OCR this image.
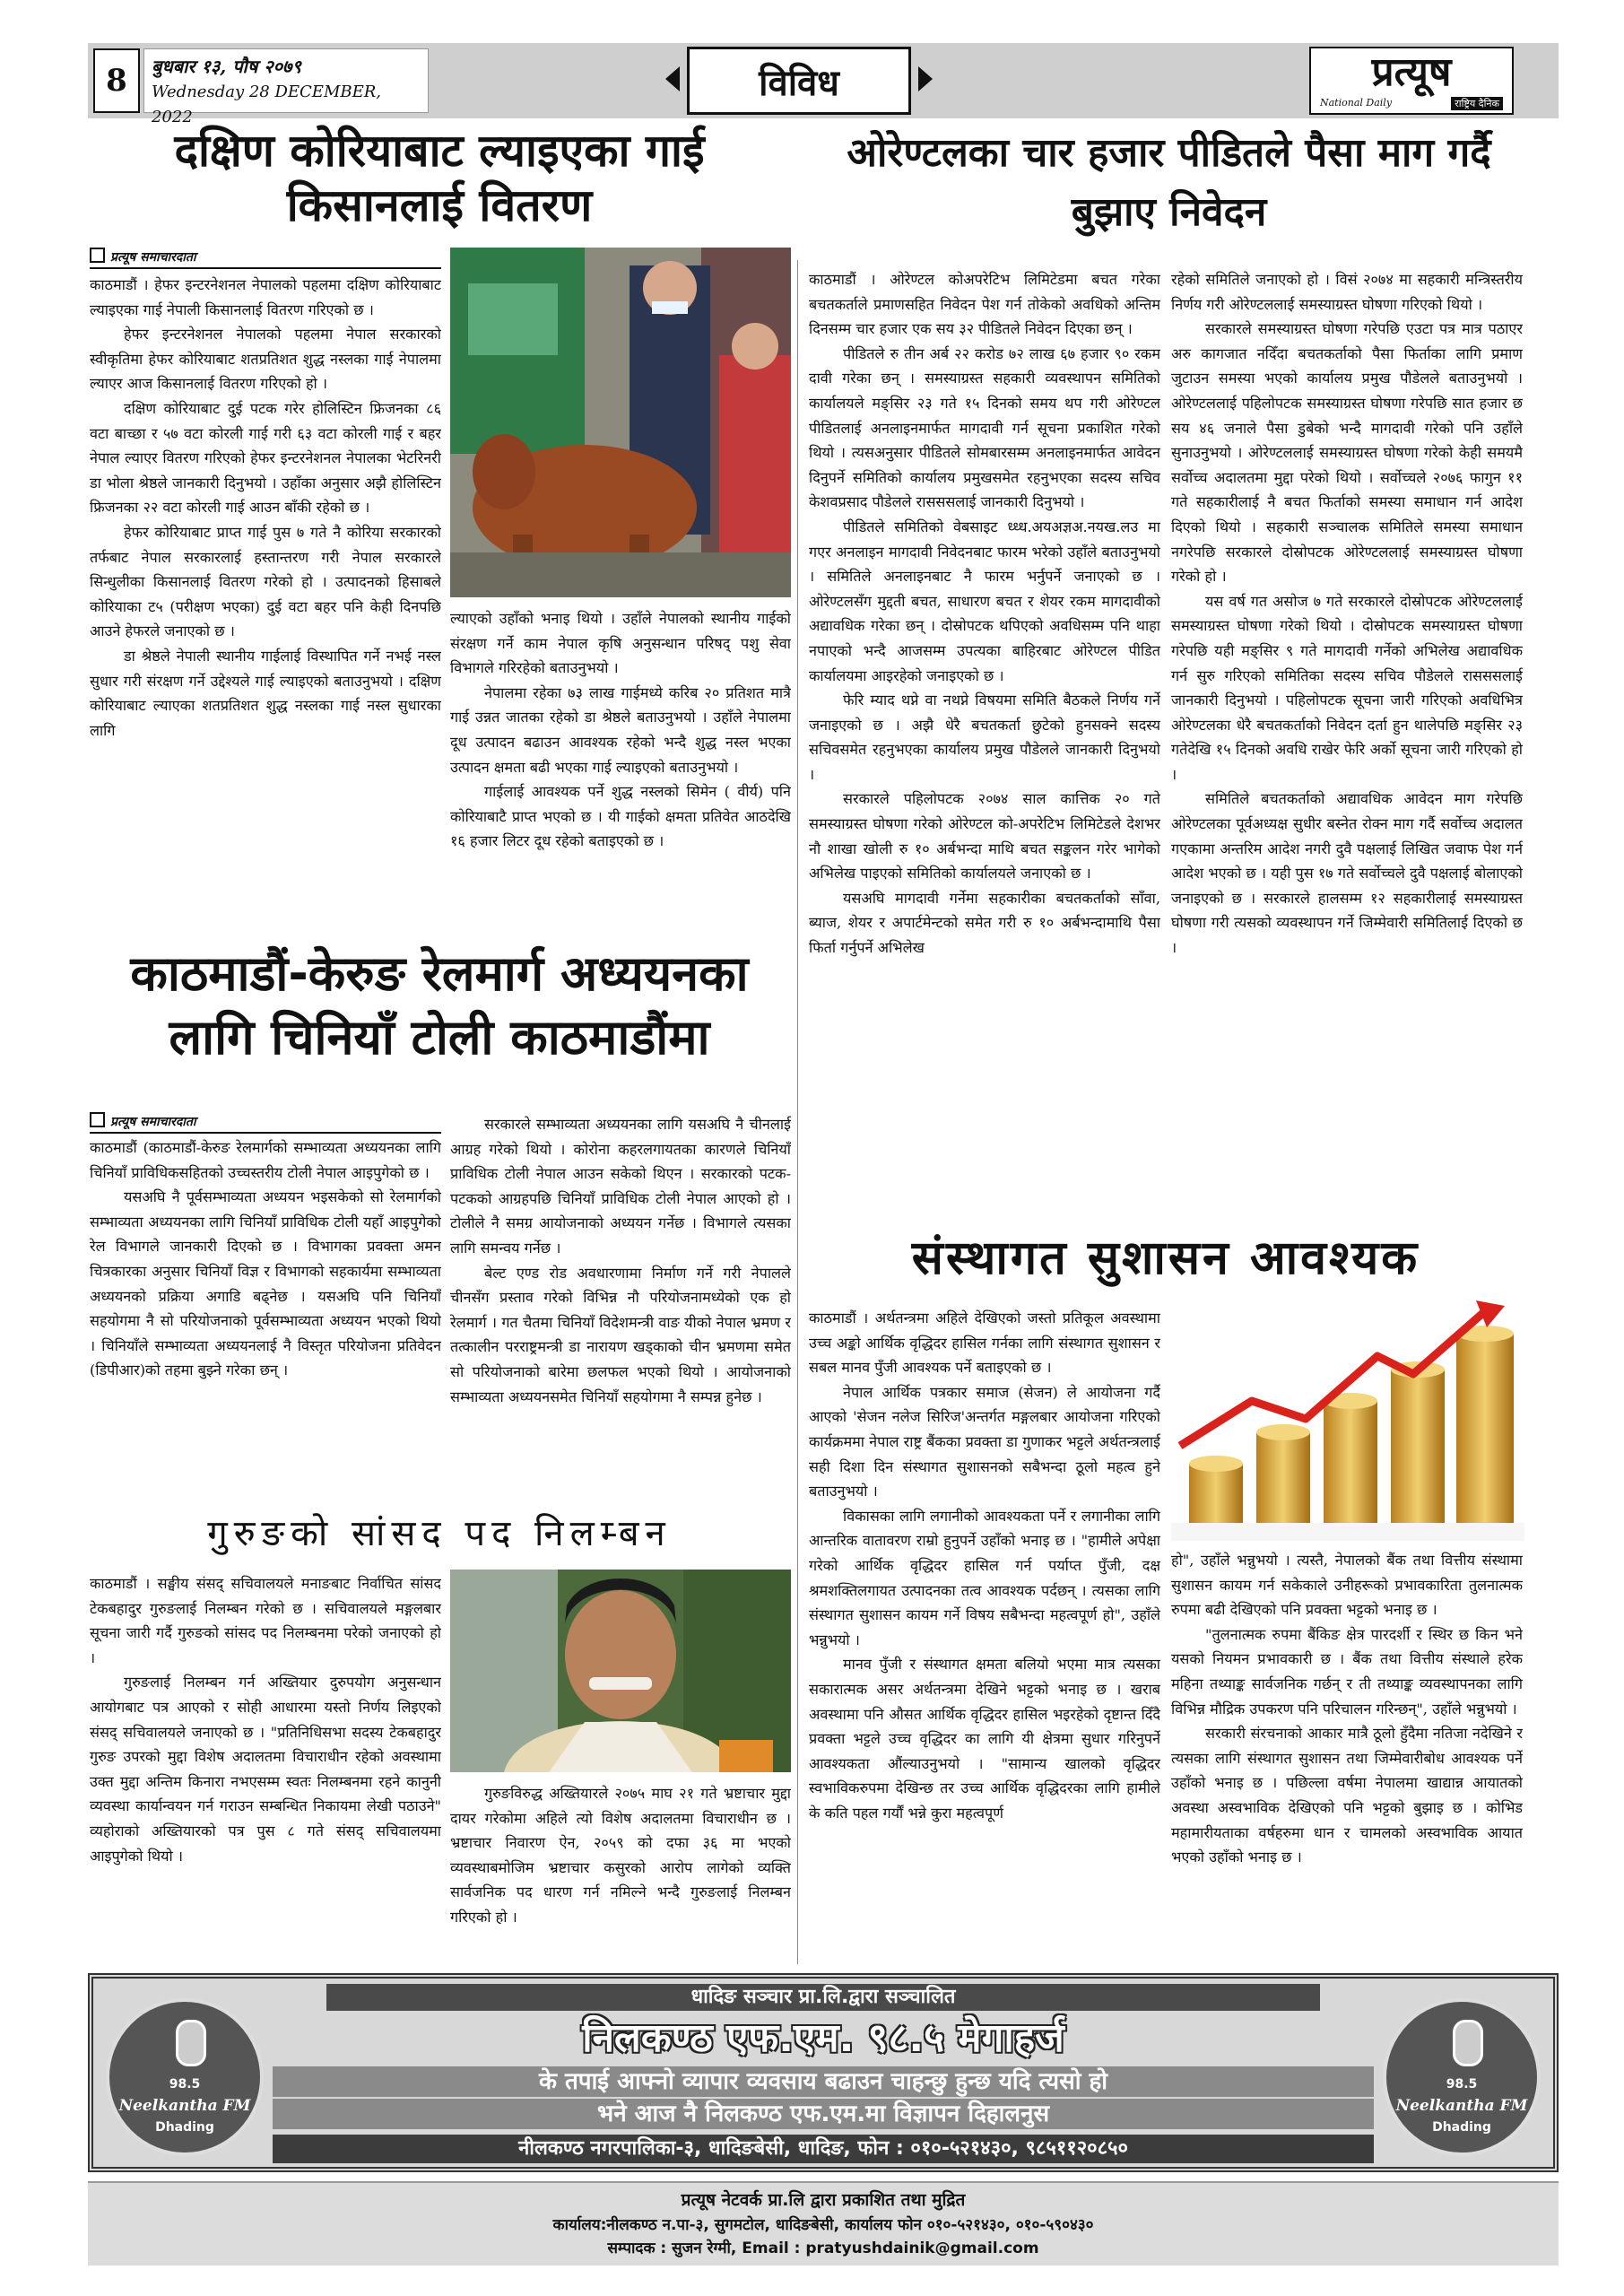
8 बुधबार १३, पौष २०७९
Wednesday 28 DECEMBER, 2022
विविध	प्रत्यूष
National Daily	राष्ट्रिय दैनिक
दक्षिण कोरियाबाट ल्याइएका गाई
किसानलाई वितरण
प्रत्यूष समाचारदाता

काठमाडौं । हेफर इन्टरनेशनल नेपालको पहलमा दक्षिण कोरियाबाट ल्याइएका गाई नेपाली किसानलाई वितरण गरिएको छ ।

हेफर इन्टरनेशनल नेपालको पहलमा नेपाल सरकारको स्वीकृतिमा हेफर कोरियाबाट शतप्रतिशत शुद्ध नस्लका गाई नेपालमा ल्याएर आज किसानलाई वितरण गरिएको हो ।

दक्षिण कोरियाबाट दुई पटक गरेर होलिस्टिन फ्रिजनका ८६ वटा बाच्छा र ५७ वटा कोरली गाई गरी ६३ वटा कोरली गाई र बहर नेपाल ल्याएर वितरण गरिएको हेफर इन्टरनेशनल नेपालका भेटरिनरी डा भोला श्रेष्ठले जानकारी दिनुभयो । उहाँका अनुसार अझै होलिस्टिन फ्रिजनका २२ वटा कोरली गाई आउन बाँकी रहेको छ ।

हेफर कोरियाबाट प्राप्त गाई पुस ७ गते नै कोरिया सरकारको तर्फबाट नेपाल सरकारलाई हस्तान्तरण गरी नेपाल सरकारले सिन्धुलीका किसानलाई वितरण गरेको हो । उत्पादनको हिसाबले कोरियाका ट५ (परीक्षण भएका) दुई वटा बहर पनि केही दिनपछि आउने हेफरले जनाएको छ ।

डा श्रेष्ठले नेपाली स्थानीय गाईलाई विस्थापित गर्ने नभई नस्ल सुधार गरी संरक्षण गर्ने उद्देश्यले गाई ल्याइएको बताउनुभयो । दक्षिण कोरियाबाट ल्याएका शतप्रतिशत शुद्ध नस्लका गाई नस्ल सुधारका लागि

ल्याएको उहाँको भनाइ थियो । उहाँले नेपालको स्थानीय गाईको संरक्षण गर्ने काम नेपाल कृषि अनुसन्धान परिषद् पशु सेवा विभागले गरिरहेको बताउनुभयो ।

नेपालमा रहेका ७३ लाख गाईमध्ये करिब २० प्रतिशत मात्रै गाई उन्नत जातका रहेको डा श्रेष्ठले बताउनुभयो । उहाँले नेपालमा दूध उत्पादन बढाउन आवश्यक रहेको भन्दै शुद्ध नस्ल भएका उत्पादन क्षमता बढी भएका गाई ल्याइएको बताउनुभयो ।

गाईलाई आवश्यक पर्ने शुद्ध नस्लको सिमेन ( वीर्य) पनि कोरियाबाटै प्राप्त भएको छ । यी गाईको क्षमता प्रतिवेत आठदेखि १६ हजार लिटर दूध रहेको बताइएको छ ।

ओरेण्टलका चार हजार पीडितले पैसा माग गर्दै
बुझाए निवेदन

काठमाडौं । ओरेण्टल कोअपरेटिभ लिमिटेडमा बचत गरेका बचतकर्ताले प्रमाणसहित निवेदन पेश गर्न तोकेको अवधिको अन्तिम दिनसम्म चार हजार एक सय ३२ पीडितले निवेदन दिएका छन् ।

पीडितले रु तीन अर्ब २२ करोड ७२ लाख ६७ हजार ९० रकम दावी गरेका छन् । समस्याग्रस्त सहकारी व्यवस्थापन समितिको कार्यालयले मङ्सिर २३ गते १५ दिनको समय थप गरी ओरेण्टल पीडितलाई अनलाइनमार्फत मागदावी गर्न सूचना प्रकाशित गरेको थियो । त्यसअनुसार पीडितले सोमबारसम्म अनलाइनमार्फत आवेदन दिनुपर्ने समितिको कार्यालय प्रमुखसमेत रहनुभएका सदस्य सचिव केशवप्रसाद पौडेलले रासससलाई जानकारी दिनुभयो ।

पीडितले समितिको वेबसाइट ध्ध्ध.अयअज्ञअ.नयख.लउ मा गएर अनलाइन मागदावी निवेदनबाट फारम भरेको उहाँले बताउनुभयो । समितिले अनलाइनबाट नै फारम भर्नुपर्ने जनाएको छ । ओरेण्टलसँग मुद्दती बचत, साधारण बचत र शेयर रकम मागदावीको अद्यावधिक गरेका छन् । दोस्रोपटक थपिएको अवधिसम्म पनि थाहा नपाएको भन्दै आजसम्म उपत्यका बाहिरबाट ओरेण्टल पीडित कार्यालयमा आइरहेको जनाइएको छ ।

फेरि म्याद थप्ने वा नथप्ने विषयमा समिति बैठकले निर्णय गर्ने जनाइएको छ । अझै धेरै बचतकर्ता छुटेको हुनसक्ने सदस्य सचिवसमेत रहनुभएका कार्यालय प्रमुख पौडेलले जानकारी दिनुभयो ।

सरकारले पहिलोपटक २०७४ साल कात्तिक २० गते समस्याग्रस्त घोषणा गरेको ओरेण्टल को-अपरेटिभ लिमिटेडले देशभर नौ शाखा खोली रु १० अर्बभन्दा माथि बचत सङ्कलन गरेर भागेको अभिलेख पाइएको समितिको कार्यालयले जनाएको छ ।

यसअघि मागदावी गर्नेमा सहकारीका बचतकर्ताको साँवा, ब्याज, शेयर र अपार्टमेन्टको समेत गरी रु १० अर्बभन्दामाथि पैसा फिर्ता गर्नुपर्ने अभिलेख

रहेको समितिले जनाएको हो । विसं २०७४ मा सहकारी मन्त्रिस्तरीय निर्णय गरी ओरेण्टललाई समस्याग्रस्त घोषणा गरिएको थियो ।

सरकारले समस्याग्रस्त घोषणा गरेपछि एउटा पत्र मात्र पठाएर अरु कागजात नदिँदा बचतकर्ताको पैसा फिर्ताका लागि प्रमाण जुटाउन समस्या भएको कार्यालय प्रमुख पौडेलले बताउनुभयो । ओरेण्टललाई पहिलोपटक समस्याग्रस्त घोषणा गरेपछि सात हजार छ सय ४६ जनाले पैसा डुबेको भन्दै मागदावी गरेको पनि उहाँले सुनाउनुभयो । ओरेण्टललाई समस्याग्रस्त घोषणा गरेको केही समयमै सर्वोच्च अदालतमा मुद्दा परेको थियो । सर्वोच्चले २०७६ फागुन ११ गते सहकारीलाई नै बचत फिर्ताको समस्या समाधान गर्न आदेश दिएको थियो । सहकारी सञ्चालक समितिले समस्या समाधान नगरेपछि सरकारले दोस्रोपटक ओरेण्टललाई समस्याग्रस्त घोषणा गरेको हो ।

यस वर्ष गत असोज ७ गते सरकारले दोस्रोपटक ओरेण्टललाई समस्याग्रस्त घोषणा गरेको थियो । दोस्रोपटक समस्याग्रस्त घोषणा गरेपछि यही मङ्सिर ९ गते मागदावी गर्नेको अभिलेख अद्यावधिक गर्न सुरु गरिएको समितिका सदस्य सचिव पौडेलले रासससलाई जानकारी दिनुभयो । पहिलोपटक सूचना जारी गरिएको अवधिभित्र ओरेण्टलका धेरै बचतकर्ताको निवेदन दर्ता हुन थालेपछि मङ्सिर २३ गतेदेखि १५ दिनको अवधि राखेर फेरि अर्को सूचना जारी गरिएको हो ।

समितिले बचतकर्ताको अद्यावधिक आवेदन माग गरेपछि ओरेण्टलका पूर्वअध्यक्ष सुधीर बस्नेत रोक्न माग गर्दै सर्वोच्च अदालत गएकामा अन्तरिम आदेश नगरी दुवै पक्षलाई लिखित जवाफ पेश गर्न आदेश भएको छ । यही पुस १७ गते सर्वोच्चले दुवै पक्षलाई बोलाएको जनाइएको छ । सरकारले हालसम्म १२ सहकारीलाई समस्याग्रस्त घोषणा गरी त्यसको व्यवस्थापन गर्ने जिम्मेवारी समितिलाई दिएको छ ।

काठमाडौं-केरुङ रेलमार्ग अध्ययनका
लागि चिनियाँ टोली काठमाडौंमा
प्रत्यूष समाचारदाता

काठमाडौं (काठमाडौं-केरुङ रेलमार्गको सम्भाव्यता अध्ययनका लागि चिनियाँ प्राविधिकसहितको उच्चस्तरीय टोली नेपाल आइपुगेको छ ।

यसअघि नै पूर्वसम्भाव्यता अध्ययन भइसकेको सो रेलमार्गको सम्भाव्यता अध्ययनका लागि चिनियाँ प्राविधिक टोली यहाँ आइपुगेको रेल विभागले जानकारी दिएको छ । विभागका प्रवक्ता अमन चित्रकारका अनुसार चिनियाँ विज्ञ र विभागको सहकार्यमा सम्भाव्यता अध्ययनको प्रक्रिया अगाडि बढ्नेछ । यसअघि पनि चिनियाँ सहयोगमा नै सो परियोजनाको पूर्वसम्भाव्यता अध्ययन भएको थियो । चिनियाँले सम्भाव्यता अध्ययनलाई नै विस्तृत परियोजना प्रतिवेदन (डिपीआर)को तहमा बुझ्ने गरेका छन् ।

सरकारले सम्भाव्यता अध्ययनका लागि यसअघि नै चीनलाई आग्रह गरेको थियो । कोरोना कहरलगायतका कारणले चिनियाँ प्राविधिक टोली नेपाल आउन सकेको थिएन । सरकारको पटक-पटकको आग्रहपछि चिनियाँ प्राविधिक टोली नेपाल आएको हो । टोलीले नै समग्र आयोजनाको अध्ययन गर्नेछ । विभागले त्यसका लागि समन्वय गर्नेछ ।

बेल्ट एण्ड रोड अवधारणामा निर्माण गर्ने गरी नेपालले चीनसँग प्रस्ताव गरेको विभिन्न नौ परियोजनामध्येको एक हो रेलमार्ग । गत चैतमा चिनियाँ विदेशमन्त्री वाङ यीको नेपाल भ्रमण र तत्कालीन परराष्ट्रमन्त्री डा नारायण खड्काको चीन भ्रमणमा समेत सो परियोजनाको बारेमा छलफल भएको थियो । आयोजनाको सम्भाव्यता अध्ययनसमेत चिनियाँ सहयोगमा नै सम्पन्न हुनेछ ।

गुरुङको सांसद पद निलम्बन

काठमाडौं । सङ्घीय संसद् सचिवालयले मनाङबाट निर्वाचित सांसद टेकबहादुर गुरुङलाई निलम्बन गरेको छ । सचिवालयले मङ्गलबार सूचना जारी गर्दै गुरुङको सांसद पद निलम्बनमा परेको जनाएको हो ।

गुरुङलाई निलम्बन गर्न अख्तियार दुरुपयोग अनुसन्धान आयोगबाट पत्र आएको र सोही आधारमा यस्तो निर्णय लिइएको संसद् सचिवालयले जनाएको छ । "प्रतिनिधिसभा सदस्य टेकबहादुर गुरुङ उपरको मुद्दा विशेष अदालतमा विचाराधीन रहेको अवस्थामा उक्त मुद्दा अन्तिम किनारा नभएसम्म स्वतः निलम्बनमा रहने कानुनी व्यवस्था कार्यान्वयन गर्न गराउन सम्बन्धित निकायमा लेखी पठाउने" व्यहोराको अख्तियारको पत्र पुस ८ गते संसद् सचिवालयमा आइपुगेको थियो ।

गुरुङविरुद्ध अख्तियारले २०७५ माघ २१ गते भ्रष्टाचार मुद्दा दायर गरेकोमा अहिले त्यो विशेष अदालतमा विचाराधीन छ । भ्रष्टाचार निवारण ऐन, २०५९ को दफा ३६ मा भएको व्यवस्थाबमोजिम भ्रष्टाचार कसुरको आरोप लागेको व्यक्ति सार्वजनिक पद धारण गर्न नमिल्ने भन्दै गुरुङलाई निलम्बन गरिएको हो ।

संस्थागत सुशासन आवश्यक

काठमाडौं । अर्थतन्त्रमा अहिले देखिएको जस्तो प्रतिकूल अवस्थामा उच्च अङ्को आर्थिक वृद्धिदर हासिल गर्नका लागि संस्थागत सुशासन र सबल मानव पुँजी आवश्यक पर्ने बताइएको छ ।

नेपाल आर्थिक पत्रकार समाज (सेजन) ले आयोजना गर्दै आएको 'सेजन नलेज सिरिज'अन्तर्गत मङ्गलबार आयोजना गरिएको कार्यक्रममा नेपाल राष्ट्र बैंकका प्रवक्ता डा गुणाकर भट्टले अर्थतन्त्रलाई सही दिशा दिन संस्थागत सुशासनको सबैभन्दा ठूलो महत्व हुने बताउनुभयो ।

विकासका लागि लगानीको आवश्यकता पर्ने र लगानीका लागि आन्तरिक वातावरण राम्रो हुनुपर्ने उहाँको भनाइ छ । "हामीले अपेक्षा गरेको आर्थिक वृद्धिदर हासिल गर्न पर्याप्त पुँजी, दक्ष श्रमशक्तिलगायत उत्पादनका तत्व आवश्यक पर्दछन् । त्यसका लागि संस्थागत सुशासन कायम गर्ने विषय सबैभन्दा महत्वपूर्ण हो", उहाँले भन्नुभयो ।

मानव पुँजी र संस्थागत क्षमता बलियो भएमा मात्र त्यसका सकारात्मक असर अर्थतन्त्रमा देखिने भट्टको भनाइ छ । खराब अवस्थामा पनि औसत आर्थिक वृद्धिदर हासिल भइरहेको दृष्टान्त दिँदै प्रवक्ता भट्टले उच्च वृद्धिदर का लागि यी क्षेत्रमा सुधार गरिनुपर्ने आवश्यकता औंल्याउनुभयो । "सामान्य खालको वृद्धिदर स्वभाविकरुपमा देखिन्छ तर उच्च आर्थिक वृद्धिदरका लागि हामीले के कति पहल गर्यौं भन्ने कुरा महत्वपूर्ण

हो", उहाँले भन्नुभयो । त्यस्तै, नेपालको बैंक तथा वित्तीय संस्थामा सुशासन कायम गर्न सकेकाले उनीहरूको प्रभावकारिता तुलनात्मक रुपमा बढी देखिएको पनि प्रवक्ता भट्टको भनाइ छ ।

"तुलनात्मक रुपमा बैंकिङ क्षेत्र पारदर्शी र स्थिर छ किन भने यसको नियमन प्रभावकारी छ । बैंक तथा वित्तीय संस्थाले हरेक महिना तथ्याङ्क सार्वजनिक गर्छन् र ती तथ्याङ्क व्यवस्थापनका लागि विभिन्न मौद्रिक उपकरण पनि परिचालन गरिन्छन्", उहाँले भन्नुभयो ।

सरकारी संरचनाको आकार मात्रै ठूलो हुँदैमा नतिजा नदेखिने र त्यसका लागि संस्थागत सुशासन तथा जिम्मेवारीबोध आवश्यक पर्ने उहाँको भनाइ छ । पछिल्ला वर्षमा नेपालमा खाद्यान्न आयातको अवस्था अस्वभाविक देखिएको पनि भट्टको बुझाइ छ । कोभिड महामारीयताका वर्षहरुमा धान र चामलको अस्वभाविक आयात भएको उहाँको भनाइ छ ।

धादिङ सञ्चार प्रा.लि.द्वारा सञ्चालित
निलकण्ठ एफ.एम. ९८.५ मेगाहर्ज
के तपाई आफ्नो व्यापार व्यवसाय बढाउन चाहन्छु हुन्छ यदि त्यसो हो
भने आज नै निलकण्ठ एफ.एम.मा विज्ञापन दिहालनुस
नीलकण्ठ नगरपालिका-३, धादिङबेसी, धादिङ, फोन : ०१०-५२१४३०, ९८५११२०८५०
98.5
Neelkantha FM
Dhading
98.5
Neelkantha FM
Dhading
प्रत्यूष नेटवर्क प्रा.लि द्वारा प्रकाशित तथा मुद्रित
कार्यालय:नीलकण्ठ न.पा-३, सुगमटोल, धादिङबेसी, कार्यालय फोन ०१०-५२१४३०, ०१०-५९०४३०
सम्पादक : सुजन रेग्मी, Email : pratyushdainik@gmail.com
